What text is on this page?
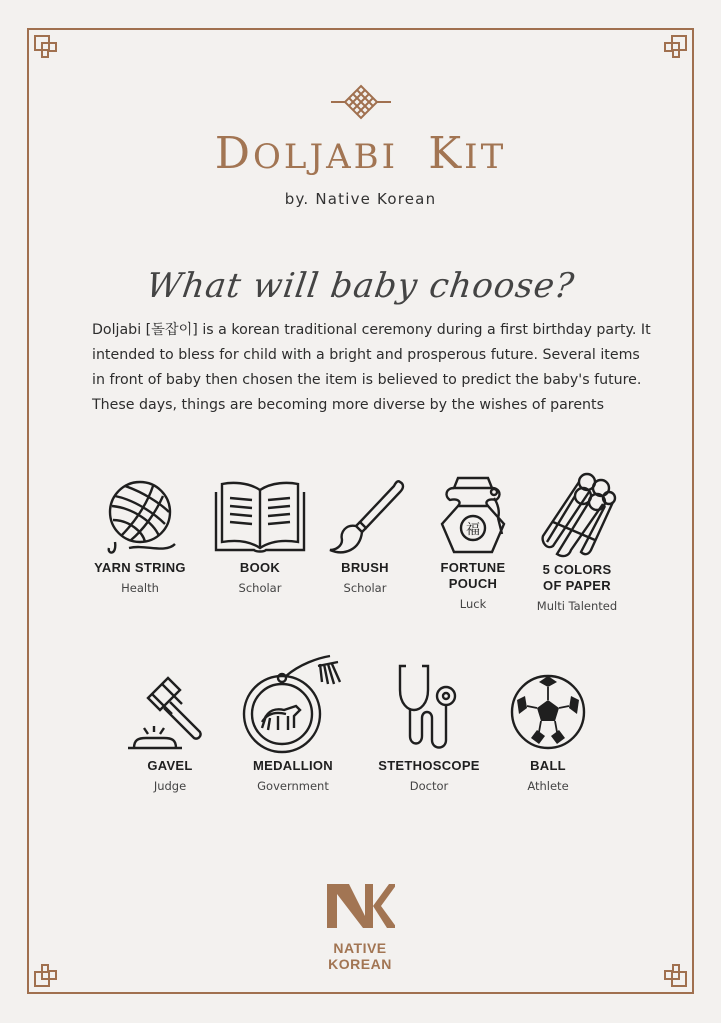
DOLJABI KIT
by. Native Korean
What will baby choose?
Doljabi [돌잡이] is a korean traditional ceremony during a first birthday party. It intended to bless for child with a bright and prosperous future. Several items in front of baby then chosen the item is believed to predict the baby's future. These days, things are becoming more diverse by the wishes of parents
YARN STRING
Health
BOOK
Scholar
BRUSH
Scholar
福
FORTUNE
POUCH
Luck
5 COLORS
OF PAPER
Multi Talented
GAVEL
Judge
MEDALLION
Government
STETHOSCOPE
Doctor
BALL
Athlete
NATIVE KOREAN
